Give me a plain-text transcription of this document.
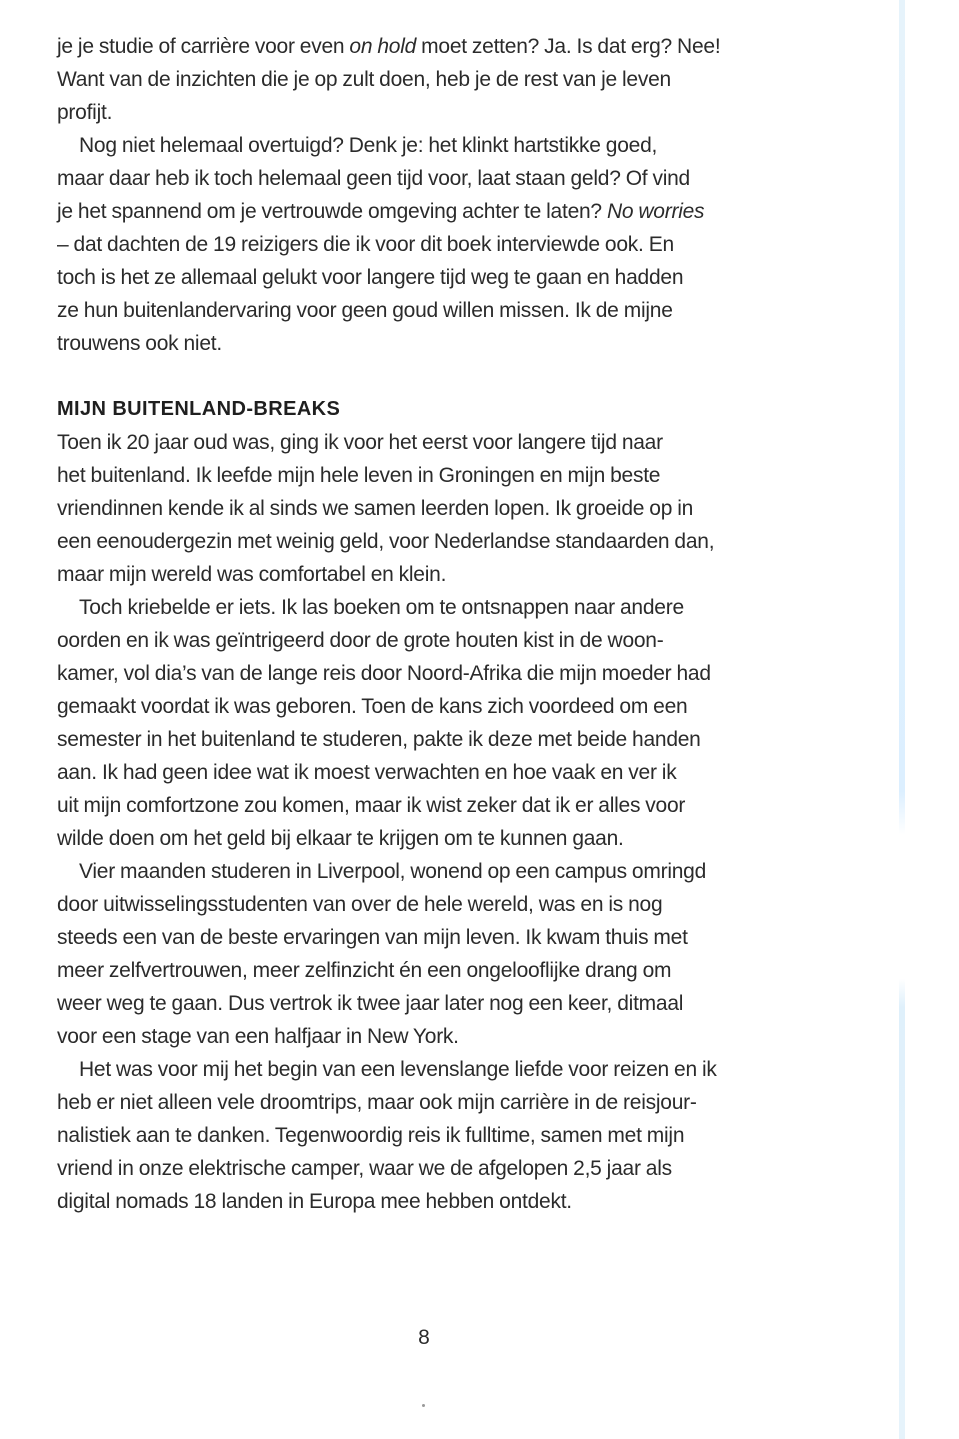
je je studie of carrière voor even on hold moet zetten? Ja. Is dat erg? Nee!
Want van de inzichten die je op zult doen, heb je de rest van je leven
profijt.
Nog niet helemaal overtuigd? Denk je: het klinkt hartstikke goed,
maar daar heb ik toch helemaal geen tijd voor, laat staan geld? Of vind
je het spannend om je vertrouwde omgeving achter te laten? No worries
– dat dachten de 19 reizigers die ik voor dit boek interviewde ook. En
toch is het ze allemaal gelukt voor langere tijd weg te gaan en hadden
ze hun buitenlandervaring voor geen goud willen missen. Ik de mijne
trouwens ook niet.
MIJN BUITENLAND-BREAKS
Toen ik 20 jaar oud was, ging ik voor het eerst voor langere tijd naar
het buitenland. Ik leefde mijn hele leven in Groningen en mijn beste
vriendinnen kende ik al sinds we samen leerden lopen. Ik groeide op in
een eenoudergezin met weinig geld, voor Nederlandse standaarden dan,
maar mijn wereld was comfortabel en klein.
Toch kriebelde er iets. Ik las boeken om te ontsnappen naar andere
oorden en ik was geïntrigeerd door de grote houten kist in de woon-
kamer, vol dia’s van de lange reis door Noord-Afrika die mijn moeder had
gemaakt voordat ik was geboren. Toen de kans zich voordeed om een
semester in het buitenland te studeren, pakte ik deze met beide handen
aan. Ik had geen idee wat ik moest verwachten en hoe vaak en ver ik
uit mijn comfortzone zou komen, maar ik wist zeker dat ik er alles voor
wilde doen om het geld bij elkaar te krijgen om te kunnen gaan.
Vier maanden studeren in Liverpool, wonend op een campus omringd
door uitwisselingsstudenten van over de hele wereld, was en is nog
steeds een van de beste ervaringen van mijn leven. Ik kwam thuis met
meer zelfvertrouwen, meer zelfinzicht én een ongelooflijke drang om
weer weg te gaan. Dus vertrok ik twee jaar later nog een keer, ditmaal
voor een stage van een halfjaar in New York.
Het was voor mij het begin van een levenslange liefde voor reizen en ik
heb er niet alleen vele droomtrips, maar ook mijn carrière in de reisjour-
nalistiek aan te danken. Tegenwoordig reis ik fulltime, samen met mijn
vriend in onze elektrische camper, waar we de afgelopen 2,5 jaar als
digital nomads 18 landen in Europa mee hebben ontdekt.
8
